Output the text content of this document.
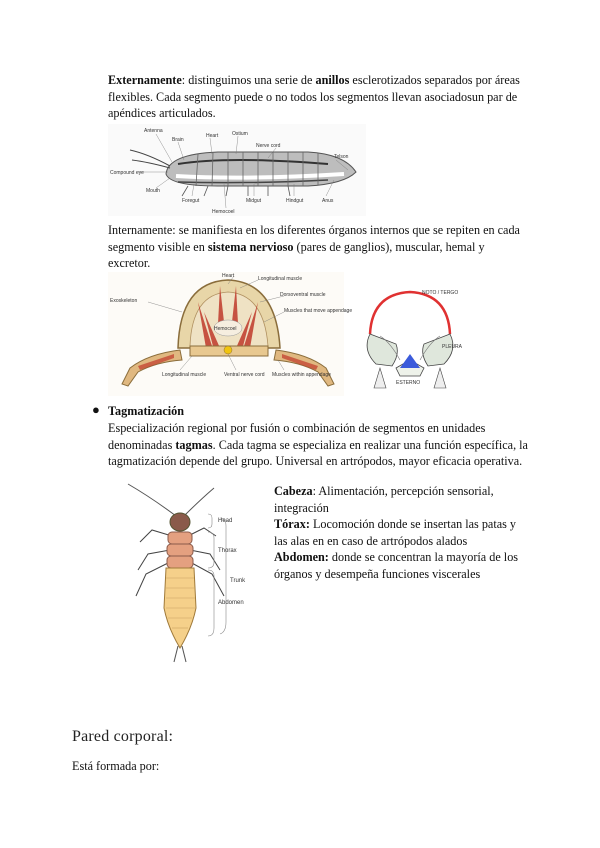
Externamente: distinguimos una serie de anillos esclerotizados separados por áreas flexibles. Cada segmento puede o no todos los segmentos llevan asociadosun par de apéndices articulados.
Antenna
Brain
Heart	Ostium
Nerve cord
Telson
Compound eye
Mouth
Foregut
Hemocoel
Midgut	Hindgut	Anus
Internamente: se manifiesta en los diferentes órganos internos que se repiten en cada segmento visible en sistema nervioso (pares de ganglios), muscular, hemal y excretor.
Heart	Longitudinal muscle
Dorsoventral muscle
Exoskeleton
Hemocoel
Muscles that move appendage
Longitudinal muscle	Ventral nerve cord Muscles within appendage
NOTO / TERGO
PLEURA
ESTERNO
● Tagmatización
Especialización regional por fusión o combinación de segmentos en unidades denominadas tagmas. Cada tagma se especializa en realizar una función específica, la tagmatización depende del grupo. Universal en artrópodos, mayor eficacia operativa.
Head
Thorax
Trunk
Abdomen
Cabeza: Alimentación, percepción sensorial, integración
Tórax: Locomoción donde se insertan las patas y las alas en en caso de artrópodos alados
Abdomen: donde se concentran la mayoría de los órganos y desempeña funciones viscerales
Pared corporal:
Está formada por:
